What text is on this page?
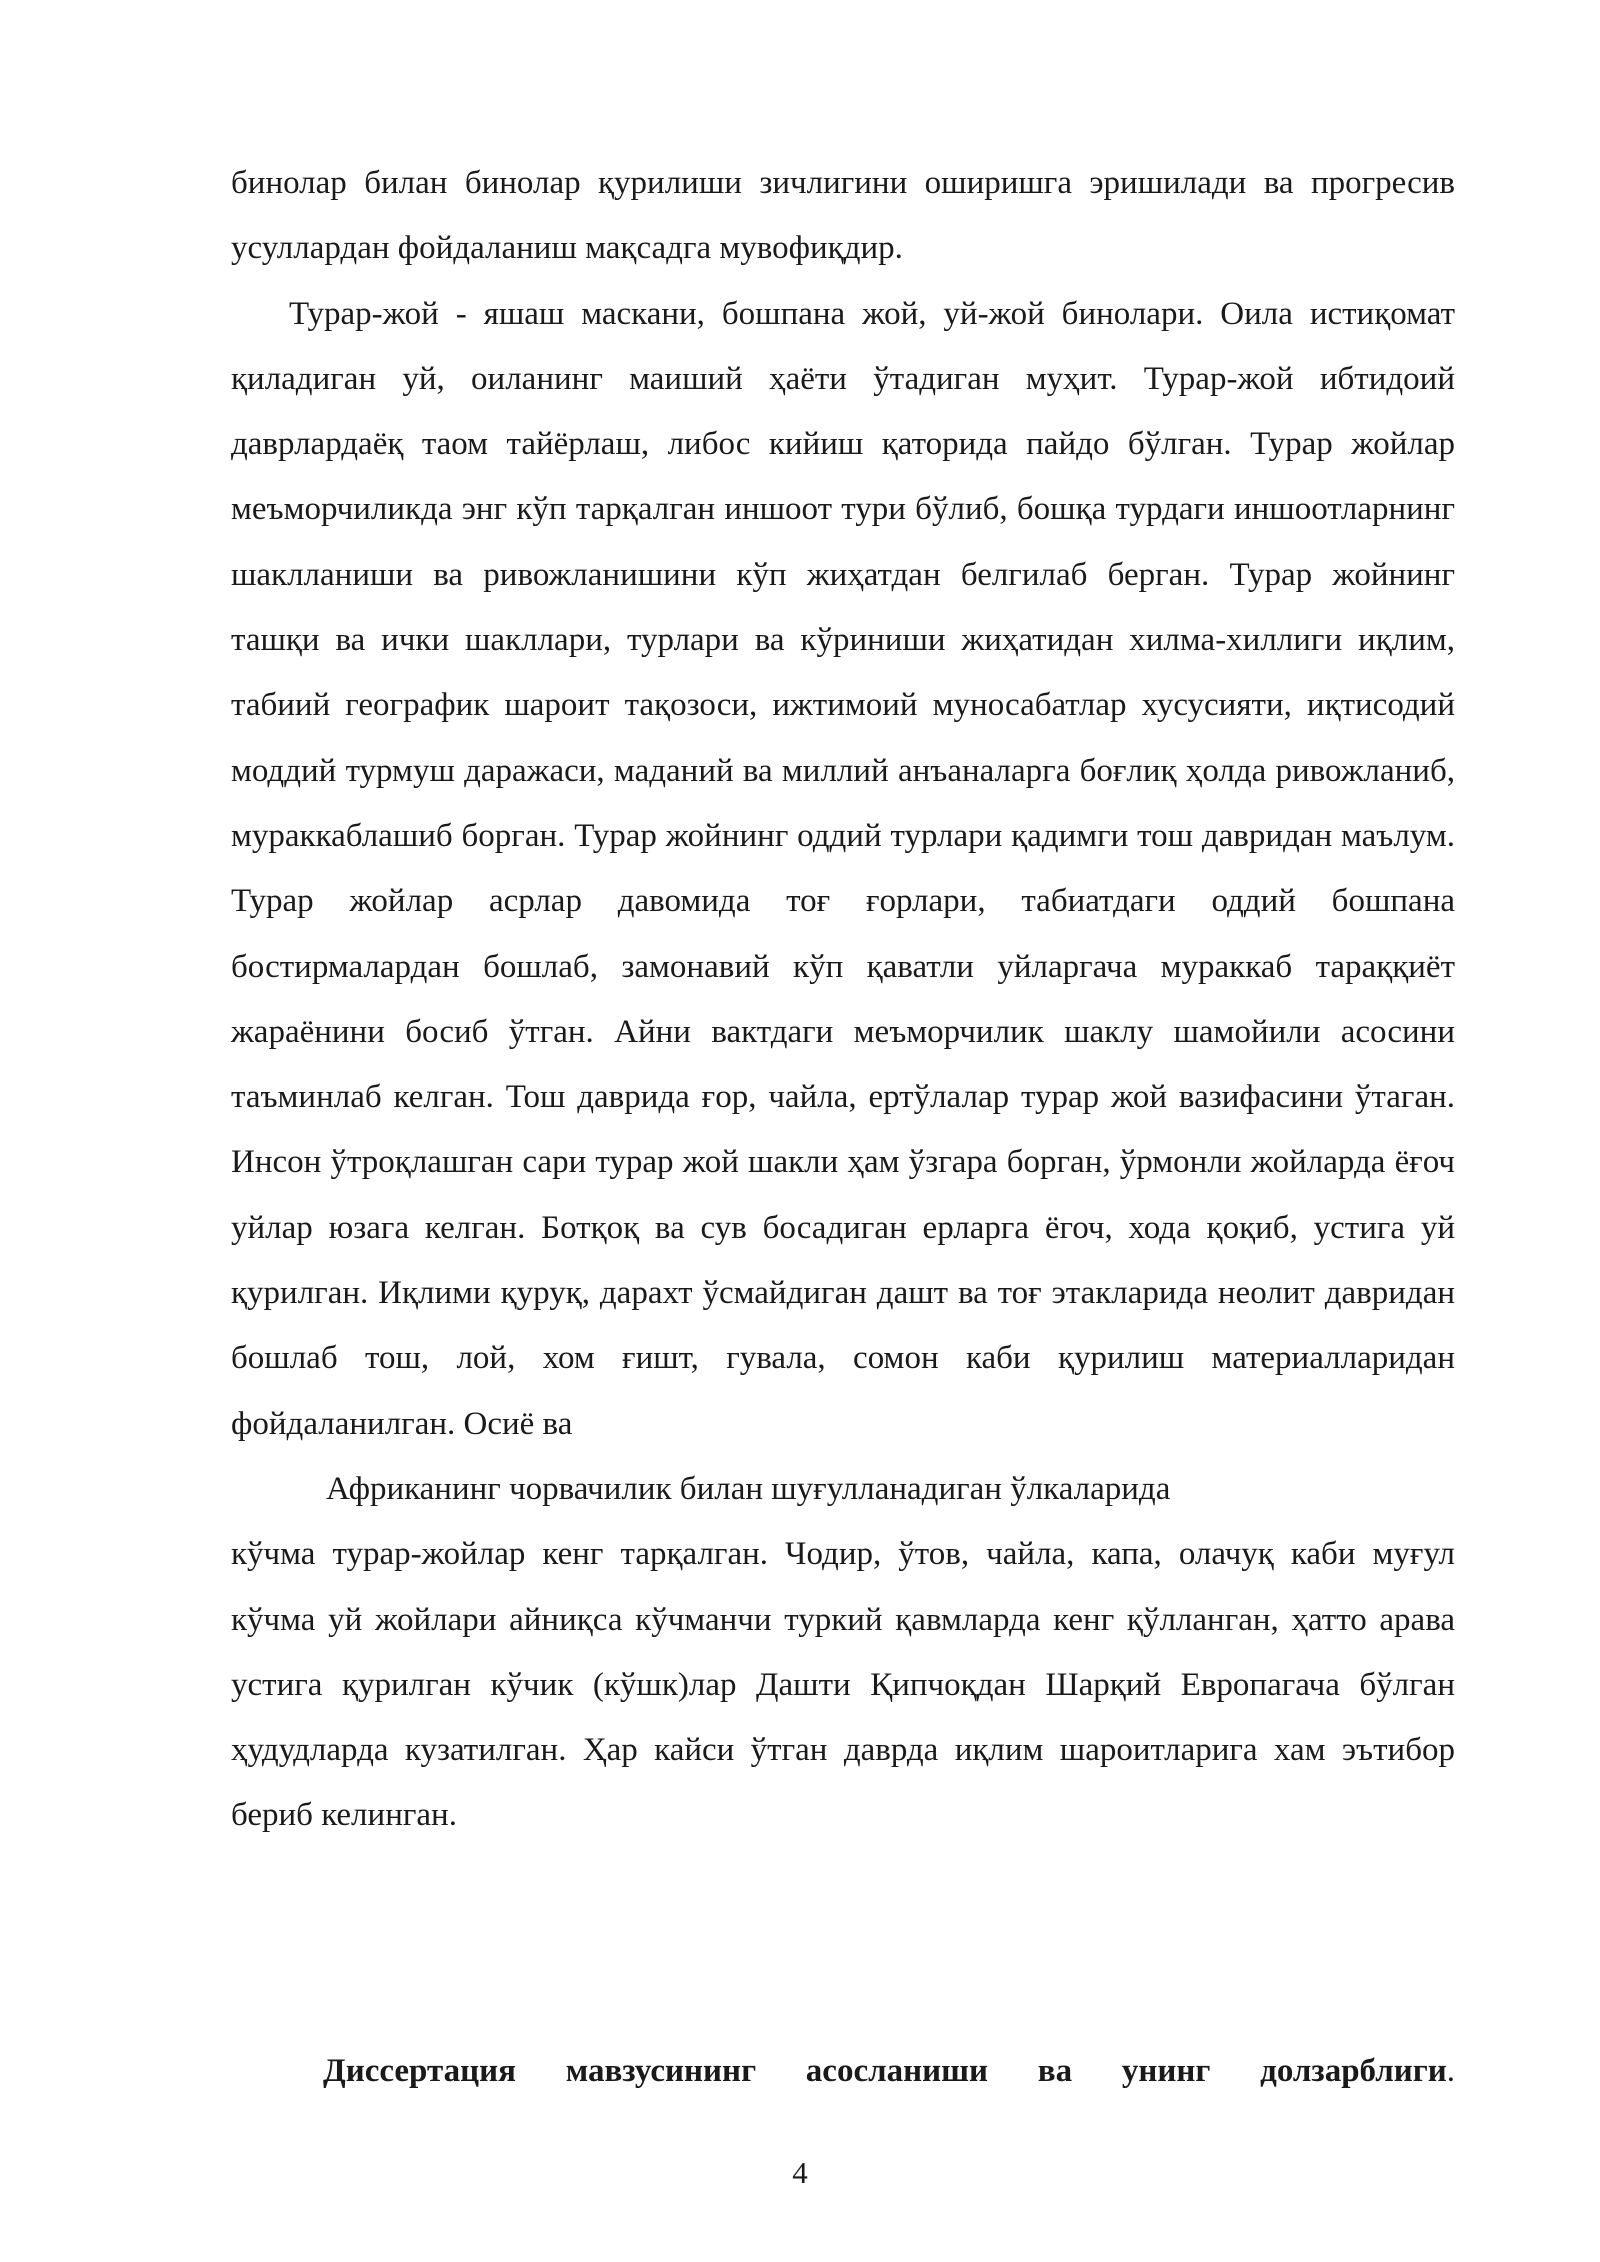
бинолар билан бинолар қурилиши зичлигини оширишга эришилади ва прогресив усуллардан фойдаланиш мақсадга мувофиқдир.

Турар-жой - яшаш маскани, бошпана жой, уй-жой бинолари. Оила истиқомат қиладиган уй, оиланинг маиший ҳаёти ўтадиган муҳит. Турар-жой ибтидоий даврлардаёқ таом тайёрлаш, либос кийиш қаторида пайдо бўлган. Турар жойлар меъморчиликда энг кўп тарқалган иншоот тури бўлиб, бошқа турдаги иншоотларнинг шаклланиши ва ривожланишини кўп жиҳатдан белгилаб берган. Турар жойнинг ташқи ва ички шакллари, турлари ва кўриниши жиҳатидан хилма-хиллиги иқлим, табиий географик шароит тақозоси, ижтимоий муносабатлар хусусияти, иқтисодий моддий турмуш даражаси, маданий ва миллий анъаналарга боғлиқ ҳолда ривожланиб, мураккаблашиб борган. Турар жойнинг оддий турлари қадимги тош давридан маълум. Турар жойлар асрлар давомида тоғ ғорлари, табиатдаги оддий бошпана бостирмалардан бошлаб, замонавий кўп қаватли уйларгача мураккаб тараққиёт жараёнини босиб ўтган. Айни вактдаги меъморчилик шаклу шамойили асосини таъминлаб келган. Тош даврида ғор, чайла, ертўлалар турар жой вазифасини ўтаган. Инсон ўтроқлашган сари турар жой шакли ҳам ўзгара борган, ўрмонли жойларда ёғоч уйлар юзага келган. Ботқоқ ва сув босадиган ерларга ёгоч, хода қоқиб, устига уй қурилган. Иқлими қуруқ, дарахт ўсмайдиган дашт ва тоғ этакларида неолит давридан бошлаб тош, лой, хом ғишт, гувала, сомон каби қурилиш материалларидан фойдаланилган. Осиё ва

Африканинг чорвачилик билан шуғулланадиган ўлкаларида

кўчма турар-жойлар кенг тарқалган. Чодир, ўтов, чайла, капа, олачуқ каби муғул кўчма уй жойлари айниқса кўчманчи туркий қавмларда кенг қўлланган, ҳатто арава устига қурилган кўчик (кўшк)лар Дашти Қипчоқдан Шарқий Европагача бўлган ҳудудларда кузатилган. Ҳар кайси ўтган даврда иқлим шароитларига хам эътибор бериб келинган.

Диссертация мавзусининг асосланиши ва унинг долзарблиги.

4
